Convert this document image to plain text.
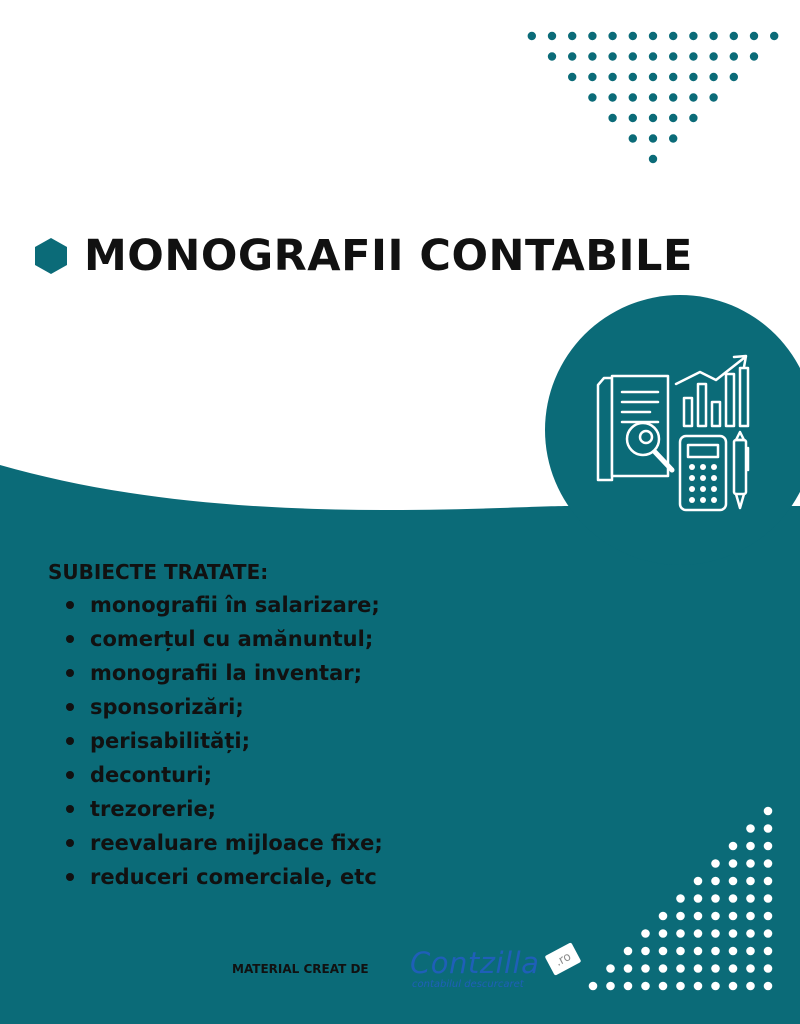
MONOGRAFII CONTABILE
SUBIECTE TRATATE:
monografii în salarizare;
comerțul cu amănuntul;
monografii la inventar;
sponsorizări;
perisabilități;
deconturi;
trezorerie;
reevaluare mijloace fixe;
reduceri comerciale, etc
MATERIAL CREAT DE Contzilla	.ro
contabilul descurcaret
